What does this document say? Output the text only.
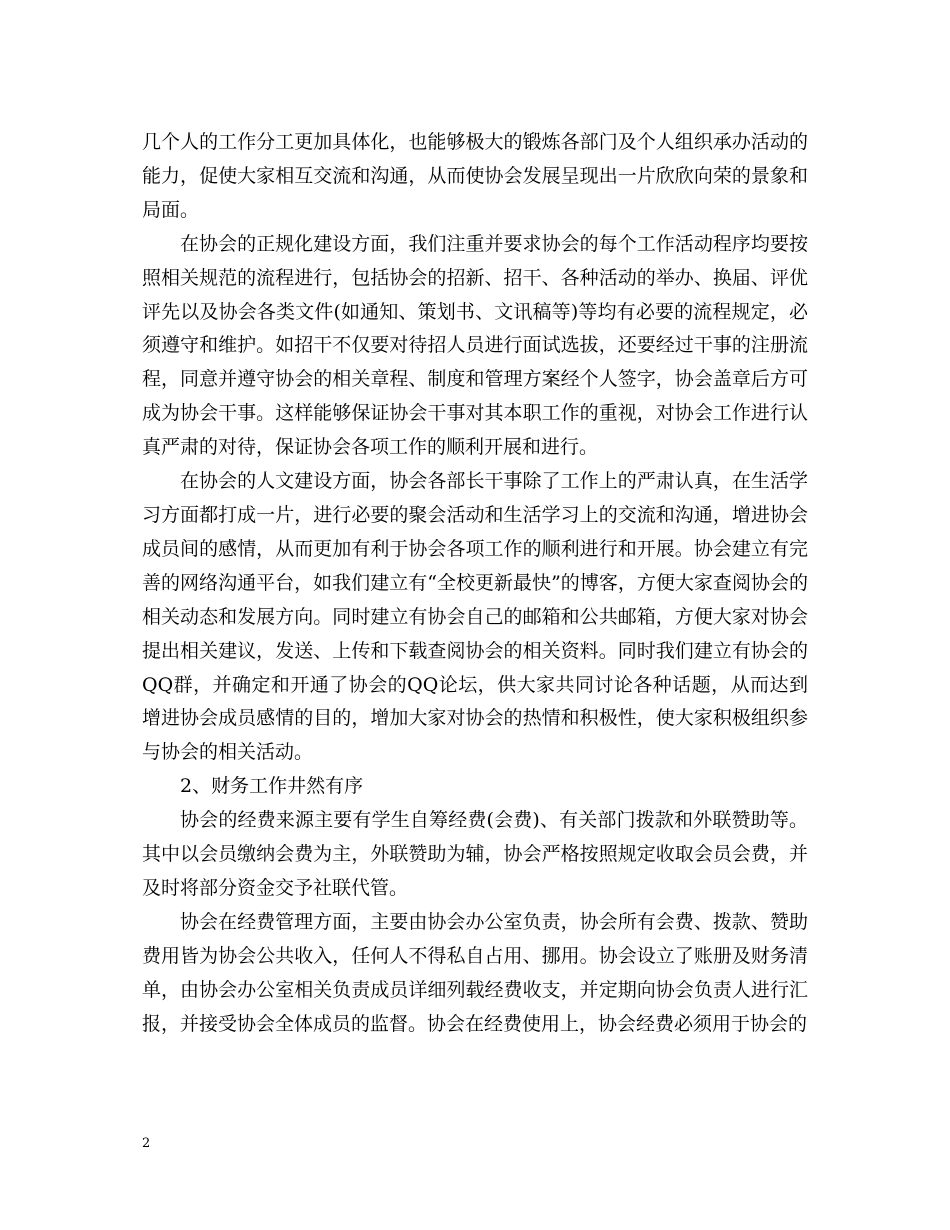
几个人的工作分工更加具体化，也能够极大的锻炼各部门及个人组织承办活动的能力，促使大家相互交流和沟通，从而使协会发展呈现出一片欣欣向荣的景象和局面。

在协会的正规化建设方面，我们注重并要求协会的每个工作活动程序均要按照相关规范的流程进行，包括协会的招新、招干、各种活动的举办、换届、评优评先以及协会各类文件(如通知、策划书、文讯稿等)等均有必要的流程规定，必须遵守和维护。如招干不仅要对待招人员进行面试选拔，还要经过干事的注册流程，同意并遵守协会的相关章程、制度和管理方案经个人签字，协会盖章后方可成为协会干事。这样能够保证协会干事对其本职工作的重视，对协会工作进行认真严肃的对待，保证协会各项工作的顺利开展和进行。

在协会的人文建设方面，协会各部长干事除了工作上的严肃认真，在生活学习方面都打成一片，进行必要的聚会活动和生活学习上的交流和沟通，增进协会成员间的感情，从而更加有利于协会各项工作的顺利进行和开展。协会建立有完善的网络沟通平台，如我们建立有“全校更新最快”的博客，方便大家查阅协会的相关动态和发展方向。同时建立有协会自己的邮箱和公共邮箱，方便大家对协会提出相关建议，发送、上传和下载查阅协会的相关资料。同时我们建立有协会的QQ群，并确定和开通了协会的QQ论坛，供大家共同讨论各种话题，从而达到增进协会成员感情的目的，增加大家对协会的热情和积极性，使大家积极组织参与协会的相关活动。

2、财务工作井然有序

协会的经费来源主要有学生自筹经费(会费)、有关部门拨款和外联赞助等。其中以会员缴纳会费为主，外联赞助为辅，协会严格按照规定收取会员会费，并及时将部分资金交予社联代管。

协会在经费管理方面，主要由协会办公室负责，协会所有会费、拨款、赞助费用皆为协会公共收入，任何人不得私自占用、挪用。协会设立了账册及财务清单，由协会办公室相关负责成员详细列载经费收支，并定期向协会负责人进行汇报，并接受协会全体成员的监督。协会在经费使用上，协会经费必须用于协会的

2
